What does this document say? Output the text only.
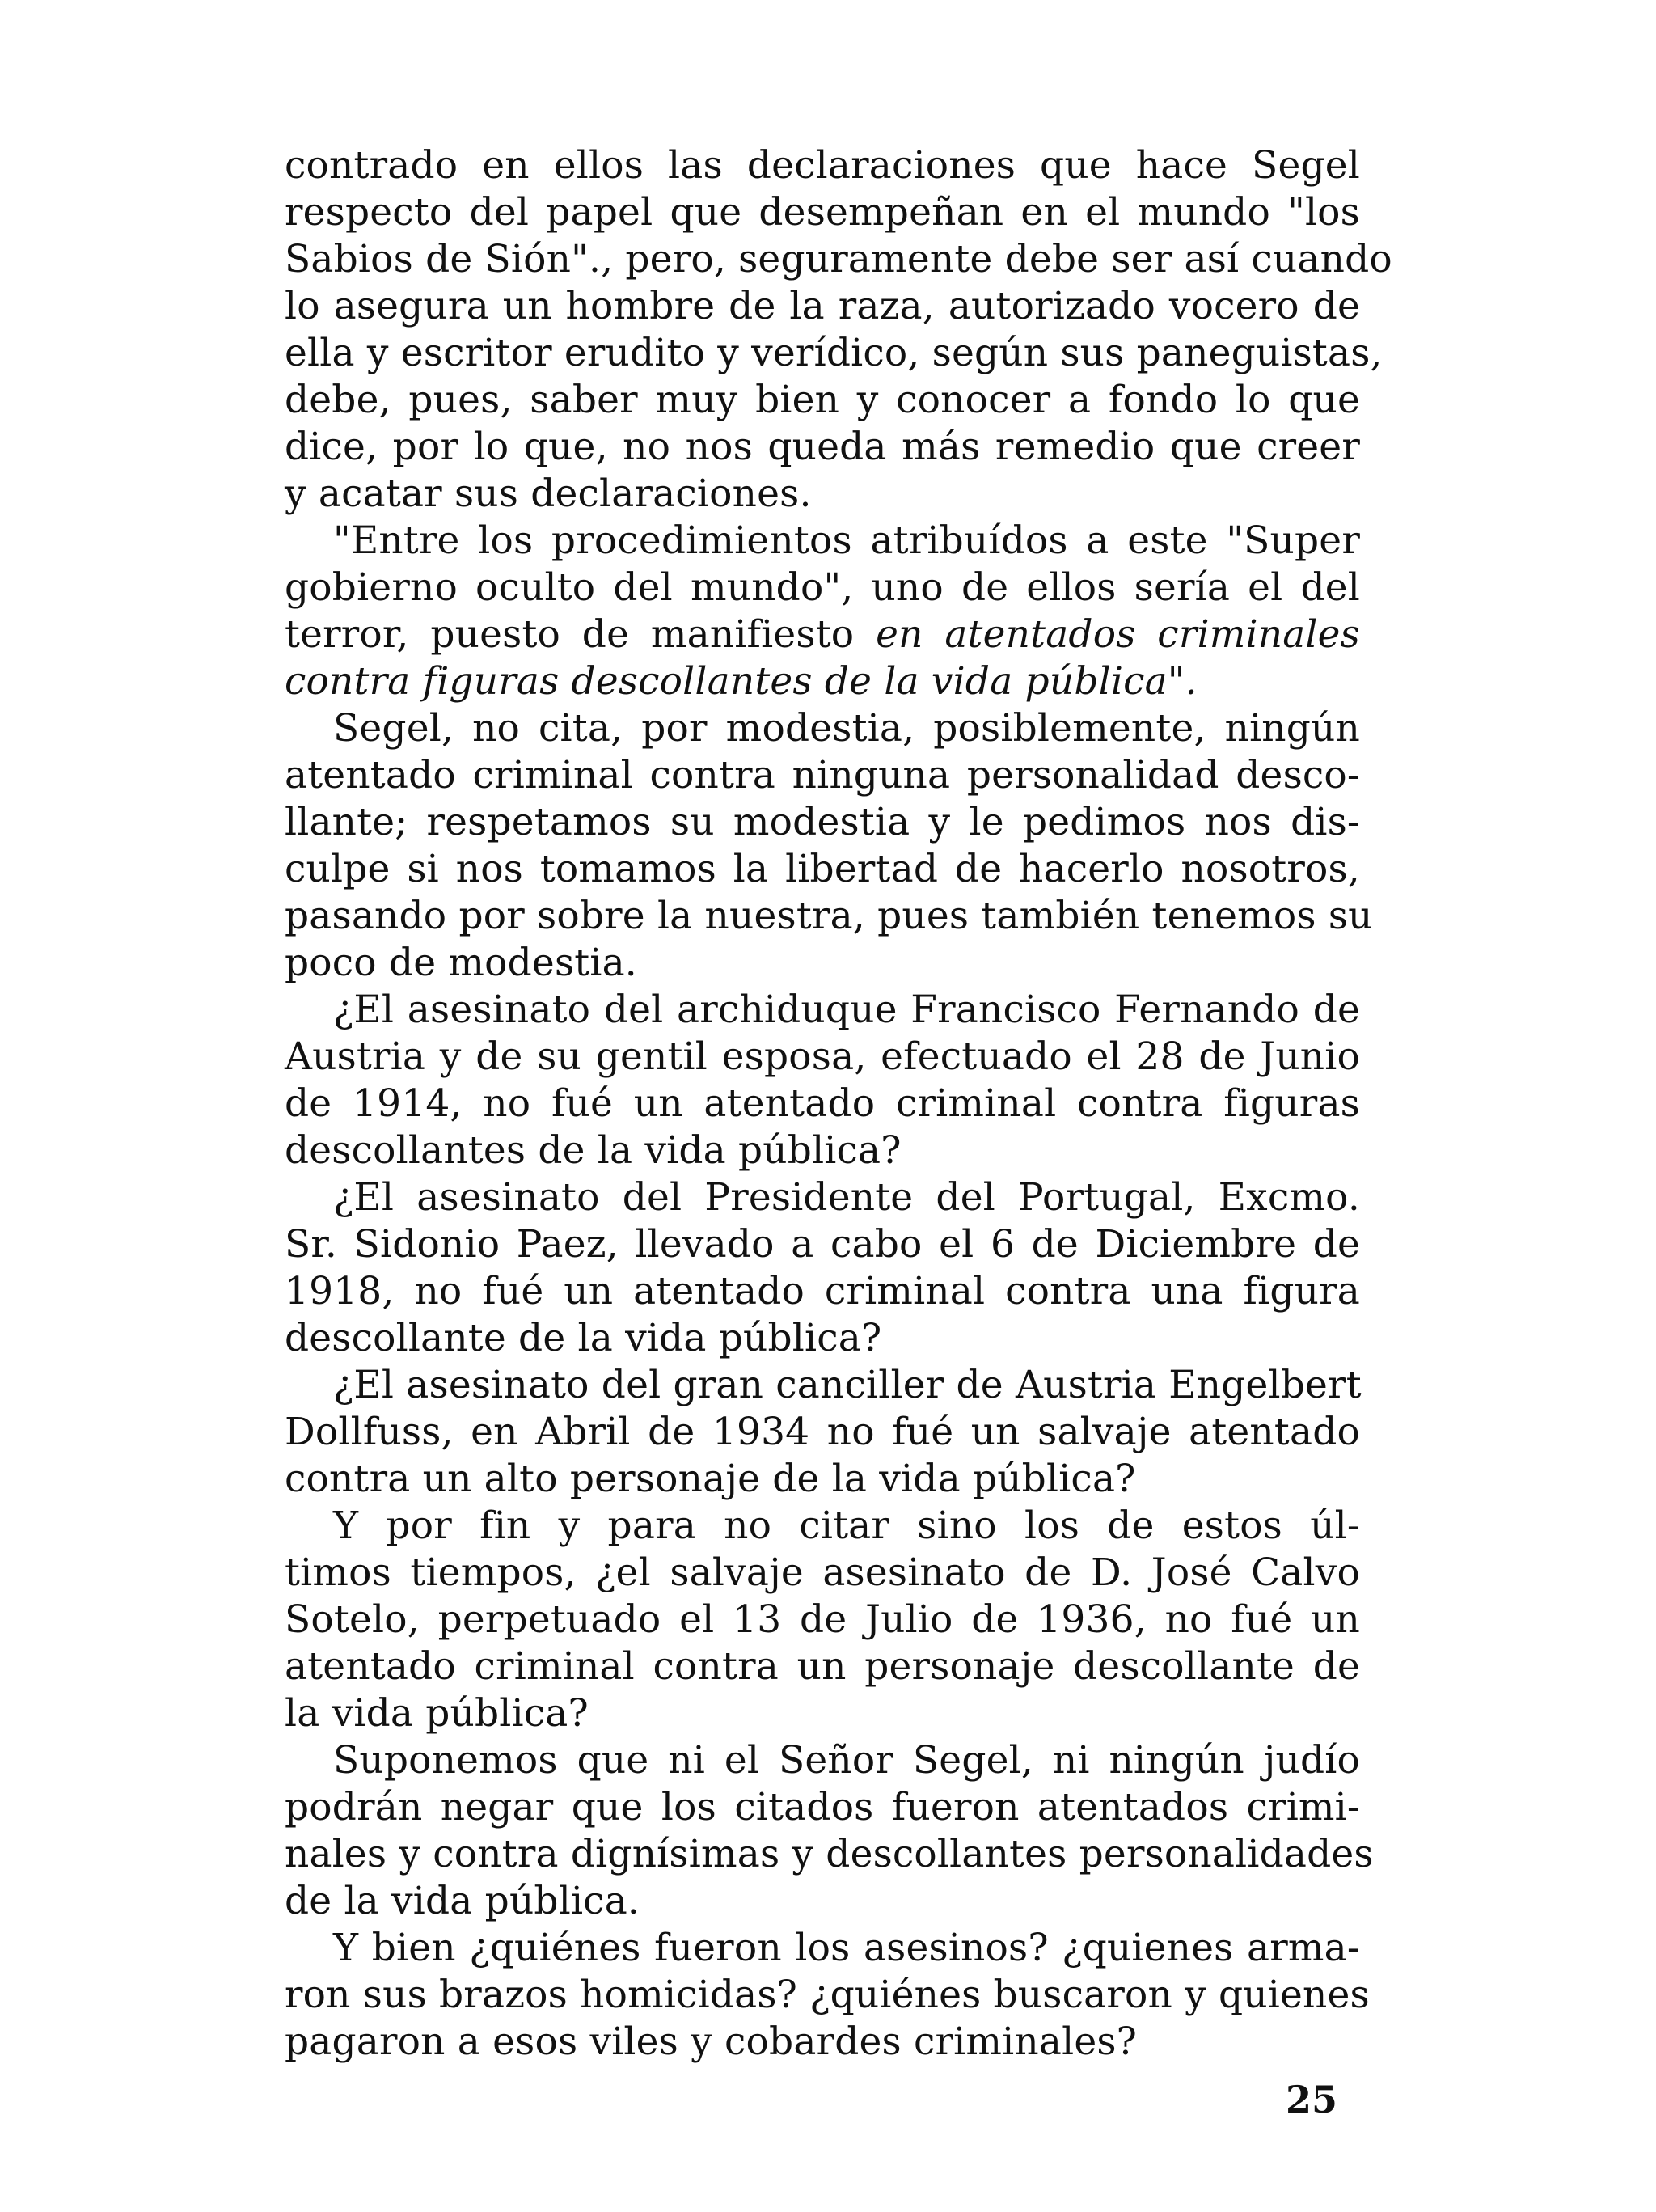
contrado en ellos las declaraciones que hace Segel
respecto del papel que desempeñan en el mundo "los
Sabios de Sión"., pero, seguramente debe ser así cuando
lo asegura un hombre de la raza, autorizado vocero de
ella y escritor erudito y verídico, según sus paneguistas,
debe, pues, saber muy bien y conocer a fondo lo que
dice, por lo que, no nos queda más remedio que creer
y acatar sus declaraciones.
"Entre los procedimientos atribuídos a este "Super
gobierno oculto del mundo", uno de ellos sería el del
terror, puesto de manifiesto en atentados criminales
contra figuras descollantes de la vida pública".
Segel, no cita, por modestia, posiblemente, ningún
atentado criminal contra ninguna personalidad desco-
llante; respetamos su modestia y le pedimos nos dis-
culpe si nos tomamos la libertad de hacerlo nosotros,
pasando por sobre la nuestra, pues también tenemos su
poco de modestia.
¿El asesinato del archiduque Francisco Fernando de
Austria y de su gentil esposa, efectuado el 28 de Junio
de 1914, no fué un atentado criminal contra figuras
descollantes de la vida pública?
¿El asesinato del Presidente del Portugal, Excmo.
Sr. Sidonio Paez, llevado a cabo el 6 de Diciembre de
1918, no fué un atentado criminal contra una figura
descollante de la vida pública?
¿El asesinato del gran canciller de Austria Engelbert
Dollfuss, en Abril de 1934 no fué un salvaje atentado
contra un alto personaje de la vida pública?
Y por fin y para no citar sino los de estos úl-
timos tiempos, ¿el salvaje asesinato de D. José Calvo
Sotelo, perpetuado el 13 de Julio de 1936, no fué un
atentado criminal contra un personaje descollante de
la vida pública?
Suponemos que ni el Señor Segel, ni ningún judío
podrán negar que los citados fueron atentados crimi-
nales y contra dignísimas y descollantes personalidades
de la vida pública.
Y bien ¿quiénes fueron los asesinos? ¿quienes arma-
ron sus brazos homicidas? ¿quiénes buscaron y quienes
pagaron a esos viles y cobardes criminales?
25
